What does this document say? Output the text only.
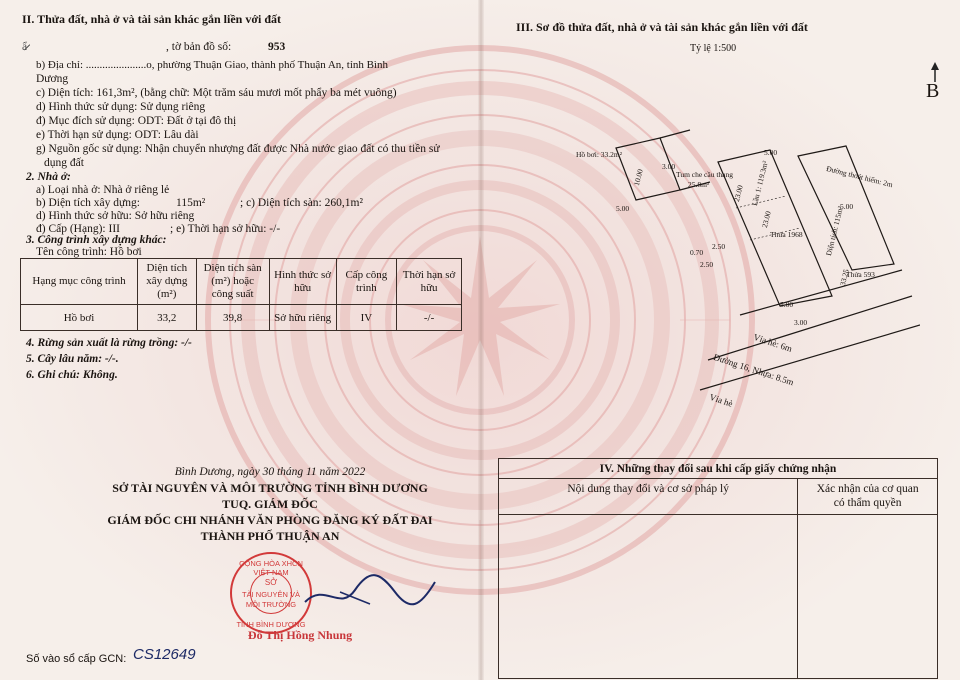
II. Thửa đất, nhà ở và tài sản khác gắn liền với đất
ẩ̷̷̷̷̷̷̷̷̷̷̷̷̷̷̷̷̷̷̷̷	, tờ bản đồ số:	953
b) Địa chỉ: ......................o, phường Thuận Giao, thành phố Thuận An, tỉnh Bình
Dương
c) Diện tích: 161,3m², (bằng chữ: Một trăm sáu mươi mốt phẩy ba mét vuông)
d) Hình thức sử dụng: Sử dụng riêng
đ) Mục đích sử dụng: ODT: Đất ở tại đô thị
e) Thời hạn sử dụng: ODT: Lâu dài
g) Nguồn gốc sử dụng: Nhận chuyển nhượng đất được Nhà nước giao đất có thu tiền sử
dụng đất
2. Nhà ở:
a) Loại nhà ở: Nhà ở riêng lẻ
b) Diện tích xây dựng:	115m²	; c) Diện tích sàn: 260,1m²
d) Hình thức sở hữu: Sở hữu riêng
đ) Cấp (Hạng): III	; e) Thời hạn sở hữu: -/-
3. Công trình xây dựng khác:
Tên công trình: Hồ bơi
Hạng mục công trình	Diện tích xây dựng (m²)	Diện tích sàn (m²) hoặc công suất	Hình thức sở hữu	Cấp công trình	Thời hạn sở hữu
Hồ bơi	33,2	39,8	Sở hữu riêng	IV	-/-
4. Rừng sản xuất là rừng trồng: -/-
5. Cây lâu năm: -/-.
6. Ghi chú: Không.
Bình Dương, ngày 30 tháng 11 năm 2022
SỞ TÀI NGUYÊN VÀ MÔI TRƯỜNG TỈNH BÌNH DƯƠNG
TUQ. GIÁM ĐỐC
GIÁM ĐỐC CHI NHÁNH VĂN PHÒNG ĐĂNG KÝ ĐẤT ĐAI
THÀNH PHỐ THUẬN AN
CỘNG HÒA XHCN VIỆT NAM
SỞ
TÀI NGUYÊN VÀ
MÔI TRƯỜNG
TỈNH BÌNH DƯƠNG
Đỗ Thị Hồng Nhung
Số vào sổ cấp GCN: CS12649
III. Sơ đồ thửa đất, nhà ở và tài sản khác gắn liền với đất
Tỷ lệ 1:500
B
Hồ bơi: 33.2m²
Tum che cầu thang
25.8m²	Lầu 1: 119.3m²
Thửa 1968
Thửa 593
Diện tích: 115m²
Đường thoát hiểm: 2m
Vỉa hè: 6m
Đường 16, Nhựa: 8.5m
Vỉa hè
5.00
5.00
23.00
23.00
5.00
3.00
33.25
10.00
5.00
3.00
0.70
2.50
2.50
IV. Những thay đổi sau khi cấp giấy chứng nhận	
Nội dung thay đổi và cơ sở pháp lý	Xác nhận của cơ quan
có thẩm quyền
